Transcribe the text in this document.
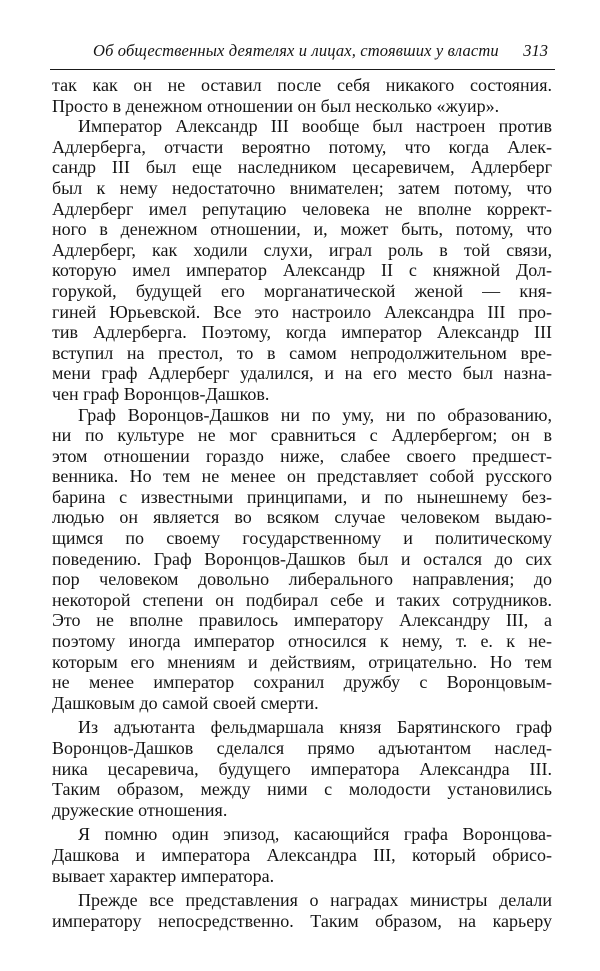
Об общественных деятелях и лицах, стоявших у власти 313
так как он не оставил после себя никакого состояния.
Просто в денежном отношении он был несколько «жуир».
Император Александр III вообще был настроен против
Адлерберга, отчасти вероятно потому, что когда Алек-
сандр III был еще наследником цесаревичем, Адлерберг
был к нему недостаточно внимателен; затем потому, что
Адлерберг имел репутацию человека не вполне коррект-
ного в денежном отношении, и, может быть, потому, что
Адлерберг, как ходили слухи, играл роль в той связи,
которую имел император Александр II с княжной Дол-
горукой, будущей его морганатической женой — кня-
гиней Юрьевской. Все это настроило Александра III про-
тив Адлерберга. Поэтому, когда император Александр III
вступил на престол, то в самом непродолжительном вре-
мени граф Адлерберг удалился, и на его место был назна-
чен граф Воронцов-Дашков.
Граф Воронцов-Дашков ни по уму, ни по образованию,
ни по культуре не мог сравниться с Адлербергом; он в
этом отношении гораздо ниже, слабее своего предшест-
венника. Но тем не менее он представляет собой русского
барина с известными принципами, и по нынешнему без-
людью он является во всяком случае человеком выдаю-
щимся по своему государственному и политическому
поведению. Граф Воронцов-Дашков был и остался до сих
пор человеком довольно либерального направления; до
некоторой степени он подбирал себе и таких сотрудников.
Это не вполне правилось императору Александру III, а
поэтому иногда император относился к нему, т. е. к не-
которым его мнениям и действиям, отрицательно. Но тем
не менее император сохранил дружбу с Воронцовым-
Дашковым до самой своей смерти.
Из адъютанта фельдмаршала князя Барятинского граф
Воронцов-Дашков сделался прямо адъютантом наслед-
ника цесаревича, будущего императора Александра III.
Таким образом, между ними с молодости установились
дружеские отношения.
Я помню один эпизод, касающийся графа Воронцова-
Дашкова и императора Александра III, который обрисо-
вывает характер императора.
Прежде все представления о наградах министры делали
императору непосредственно. Таким образом, на карьеру
